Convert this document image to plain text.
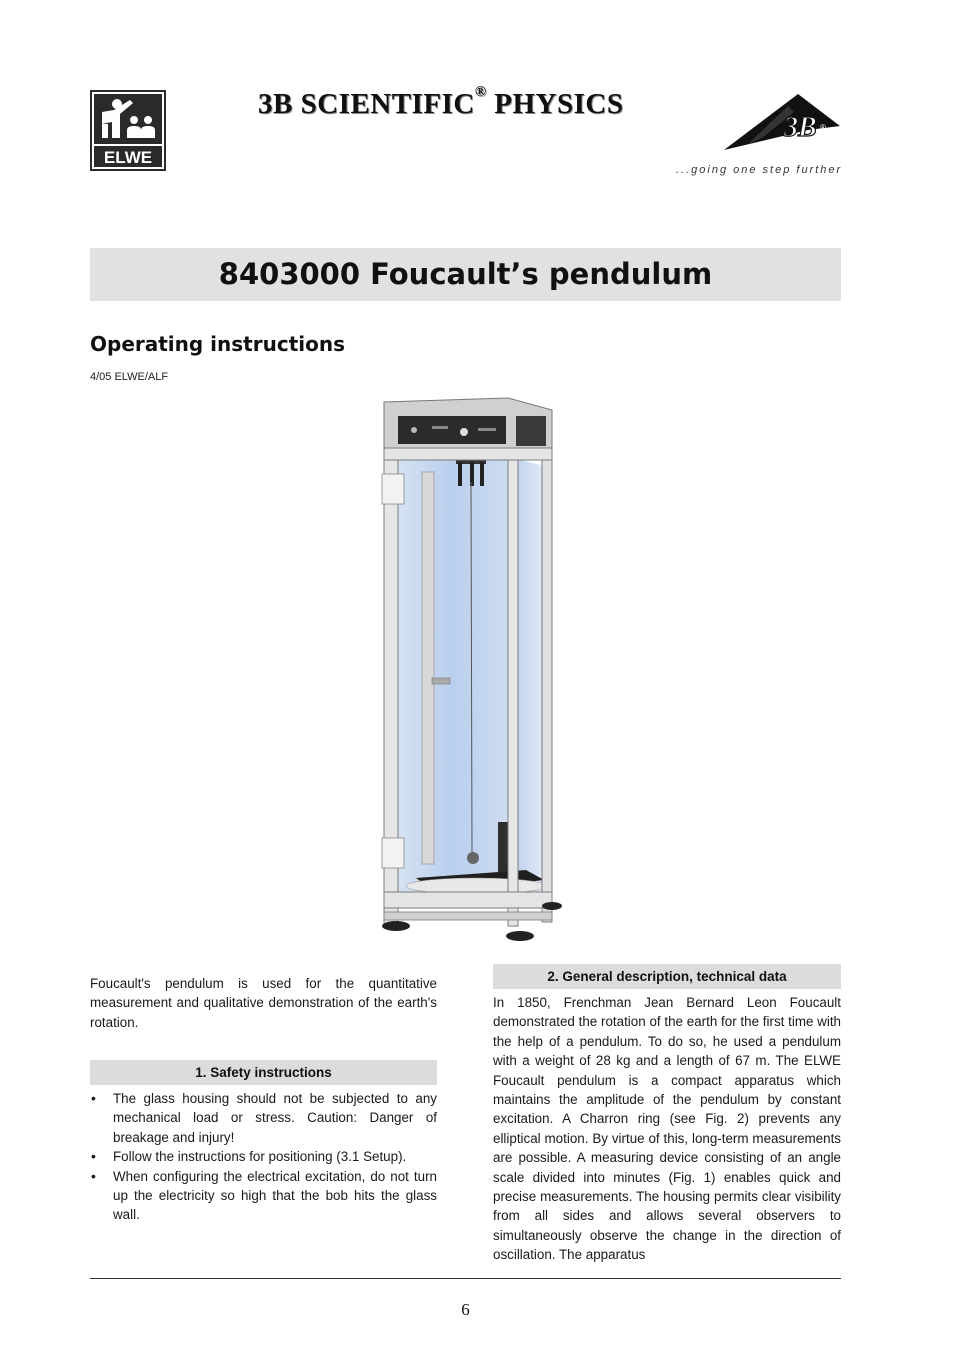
ELWE
3B SCIENTIFIC® PHYSICS
3B ®
...going one step further
8403000 Foucault’s pendulum
Operating instructions
4/05 ELWE/ALF

Foucault's pendulum is used for the quantitative measurement and qualitative demonstration of the earth's rotation.

1. Safety instructions
• The glass housing should not be subjected to any mechanical load or stress. Caution: Danger of breakage and injury!
• Follow the instructions for positioning (3.1 Setup).
• When configuring the electrical excitation, do not turn up the electricity so high that the bob hits the glass wall.
2. General description, technical data

In 1850, Frenchman Jean Bernard Leon Foucault demonstrated the rotation of the earth for the first time with the help of a pendulum. To do so, he used a pendulum with a weight of 28 kg and a length of 67 m. The ELWE Foucault pendulum is a compact apparatus which maintains the amplitude of the pendulum by constant excitation. A Charron ring (see Fig. 2) prevents any elliptical motion. By virtue of this, long-term measurements are possible. A measuring device consisting of an angle scale divided into minutes (Fig. 1) enables quick and precise measurements. The housing permits clear visibility from all sides and allows several observers to simultaneously observe the change in the direction of oscillation. The apparatus

6
